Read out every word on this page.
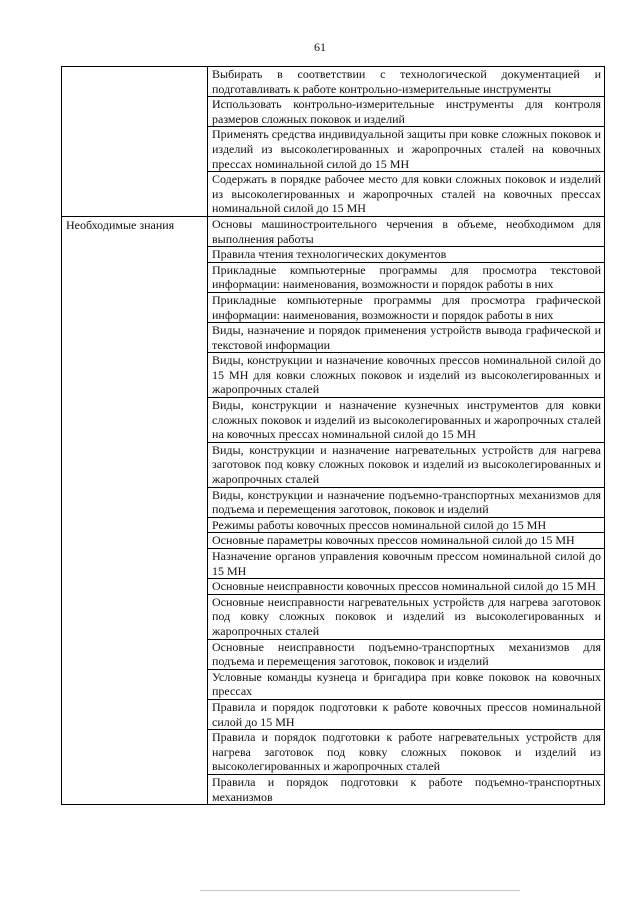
61
	Выбирать в соответствии с технологической документацией и подготавливать к работе контрольно-измерительные инструменты
	Использовать контрольно-измерительные инструменты для контроля размеров сложных поковок и изделий
	Применять средства индивидуальной защиты при ковке сложных поковок и изделий из высоколегированных и жаропрочных сталей на ковочных прессах номинальной силой до 15 МН
	Содержать в порядке рабочее место для ковки сложных поковок и изделий из высоколегированных и жаропрочных сталей на ковочных прессах номинальной силой до 15 МН
Необходимые знания	Основы машиностроительного черчения в объеме, необходимом для выполнения работы
	Правила чтения технологических документов
	Прикладные компьютерные программы для просмотра текстовой информации: наименования, возможности и порядок работы в них
	Прикладные компьютерные программы для просмотра графической информации: наименования, возможности и порядок работы в них
	Виды, назначение и порядок применения устройств вывода графической и текстовой информации
	Виды, конструкции и назначение ковочных прессов номинальной силой до 15 МН для ковки сложных поковок и изделий из высоколегированных и жаропрочных сталей
	Виды, конструкции и назначение кузнечных инструментов для ковки сложных поковок и изделий из высоколегированных и жаропрочных сталей на ковочных прессах номинальной силой до 15 МН
	Виды, конструкции и назначение нагревательных устройств для нагрева заготовок под ковку сложных поковок и изделий из высоколегированных и жаропрочных сталей
	Виды, конструкции и назначение подъемно-транспортных механизмов для подъема и перемещения заготовок, поковок и изделий
	Режимы работы ковочных прессов номинальной силой до 15 МН
	Основные параметры ковочных прессов номинальной силой до 15 МН
	Назначение органов управления ковочным прессом номинальной силой до 15 МН
	Основные неисправности ковочных прессов номинальной силой до 15 МН
	Основные неисправности нагревательных устройств для нагрева заготовок под ковку сложных поковок и изделий из высоколегированных и жаропрочных сталей
	Основные неисправности подъемно-транспортных механизмов для подъема и перемещения заготовок, поковок и изделий
	Условные команды кузнеца и бригадира при ковке поковок на ковочных прессах
	Правила и порядок подготовки к работе ковочных прессов номинальной силой до 15 МН
	Правила и порядок подготовки к работе нагревательных устройств для нагрева заготовок под ковку сложных поковок и изделий из высоколегированных и жаропрочных сталей
	Правила и порядок подготовки к работе подъемно-транспортных механизмов
